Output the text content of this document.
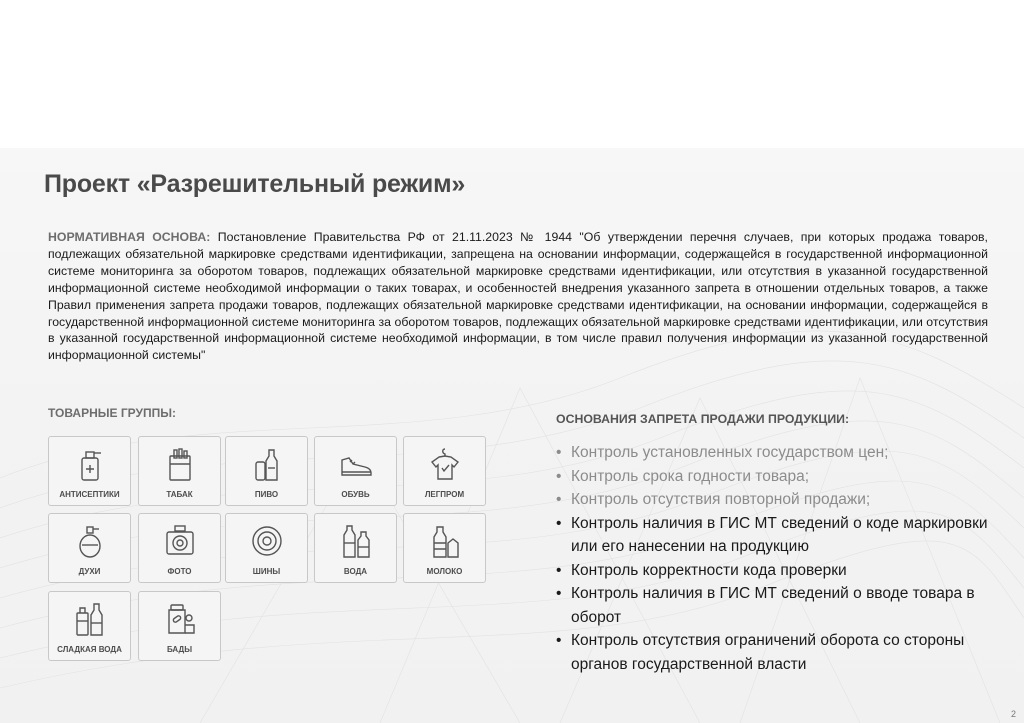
Проект «Разрешительный режим»
НОРМАТИВНАЯ ОСНОВА: Постановление Правительства РФ от 21.11.2023 № 1944 "Об утверждении перечня случаев, при которых продажа товаров, подлежащих обязательной маркировке средствами идентификации, запрещена на основании информации, содержащейся в государственной информационной системе мониторинга за оборотом товаров, подлежащих обязательной маркировке средствами идентификации, или отсутствия в указанной государственной информационной системе необходимой информации о таких товарах, и особенностей внедрения указанного запрета в отношении отдельных товаров, а также Правил применения запрета продажи товаров, подлежащих обязательной маркировке средствами идентификации, на основании информации, содержащейся в государственной информационной системе мониторинга за оборотом товаров, подлежащих обязательной маркировке средствами идентификации, или отсутствия в указанной государственной информационной системе необходимой информации, в том числе правил получения информации из указанной государственной информационной системы"
ТОВАРНЫЕ ГРУППЫ:
АНТИСЕПТИКИ	ТАБАК	ПИВО	ОБУВЬ	ЛЕГПРОМ
ДУХИ	ФОТО	ШИНЫ	ВОДА	МОЛОКО
СЛАДКАЯ ВОДА	БАДЫ
ОСНОВАНИЯ ЗАПРЕТА ПРОДАЖИ ПРОДУКЦИИ:
• Контроль установленных государством цен;
• Контроль срока годности товара;
• Контроль отсутствия повторной продажи;
• Контроль наличия в ГИС МТ сведений о коде маркировки или его нанесении на продукцию
• Контроль корректности кода проверки
• Контроль наличия в ГИС МТ сведений о вводе товара в оборот
• Контроль отсутствия ограничений оборота со стороны органов государственной власти
2
